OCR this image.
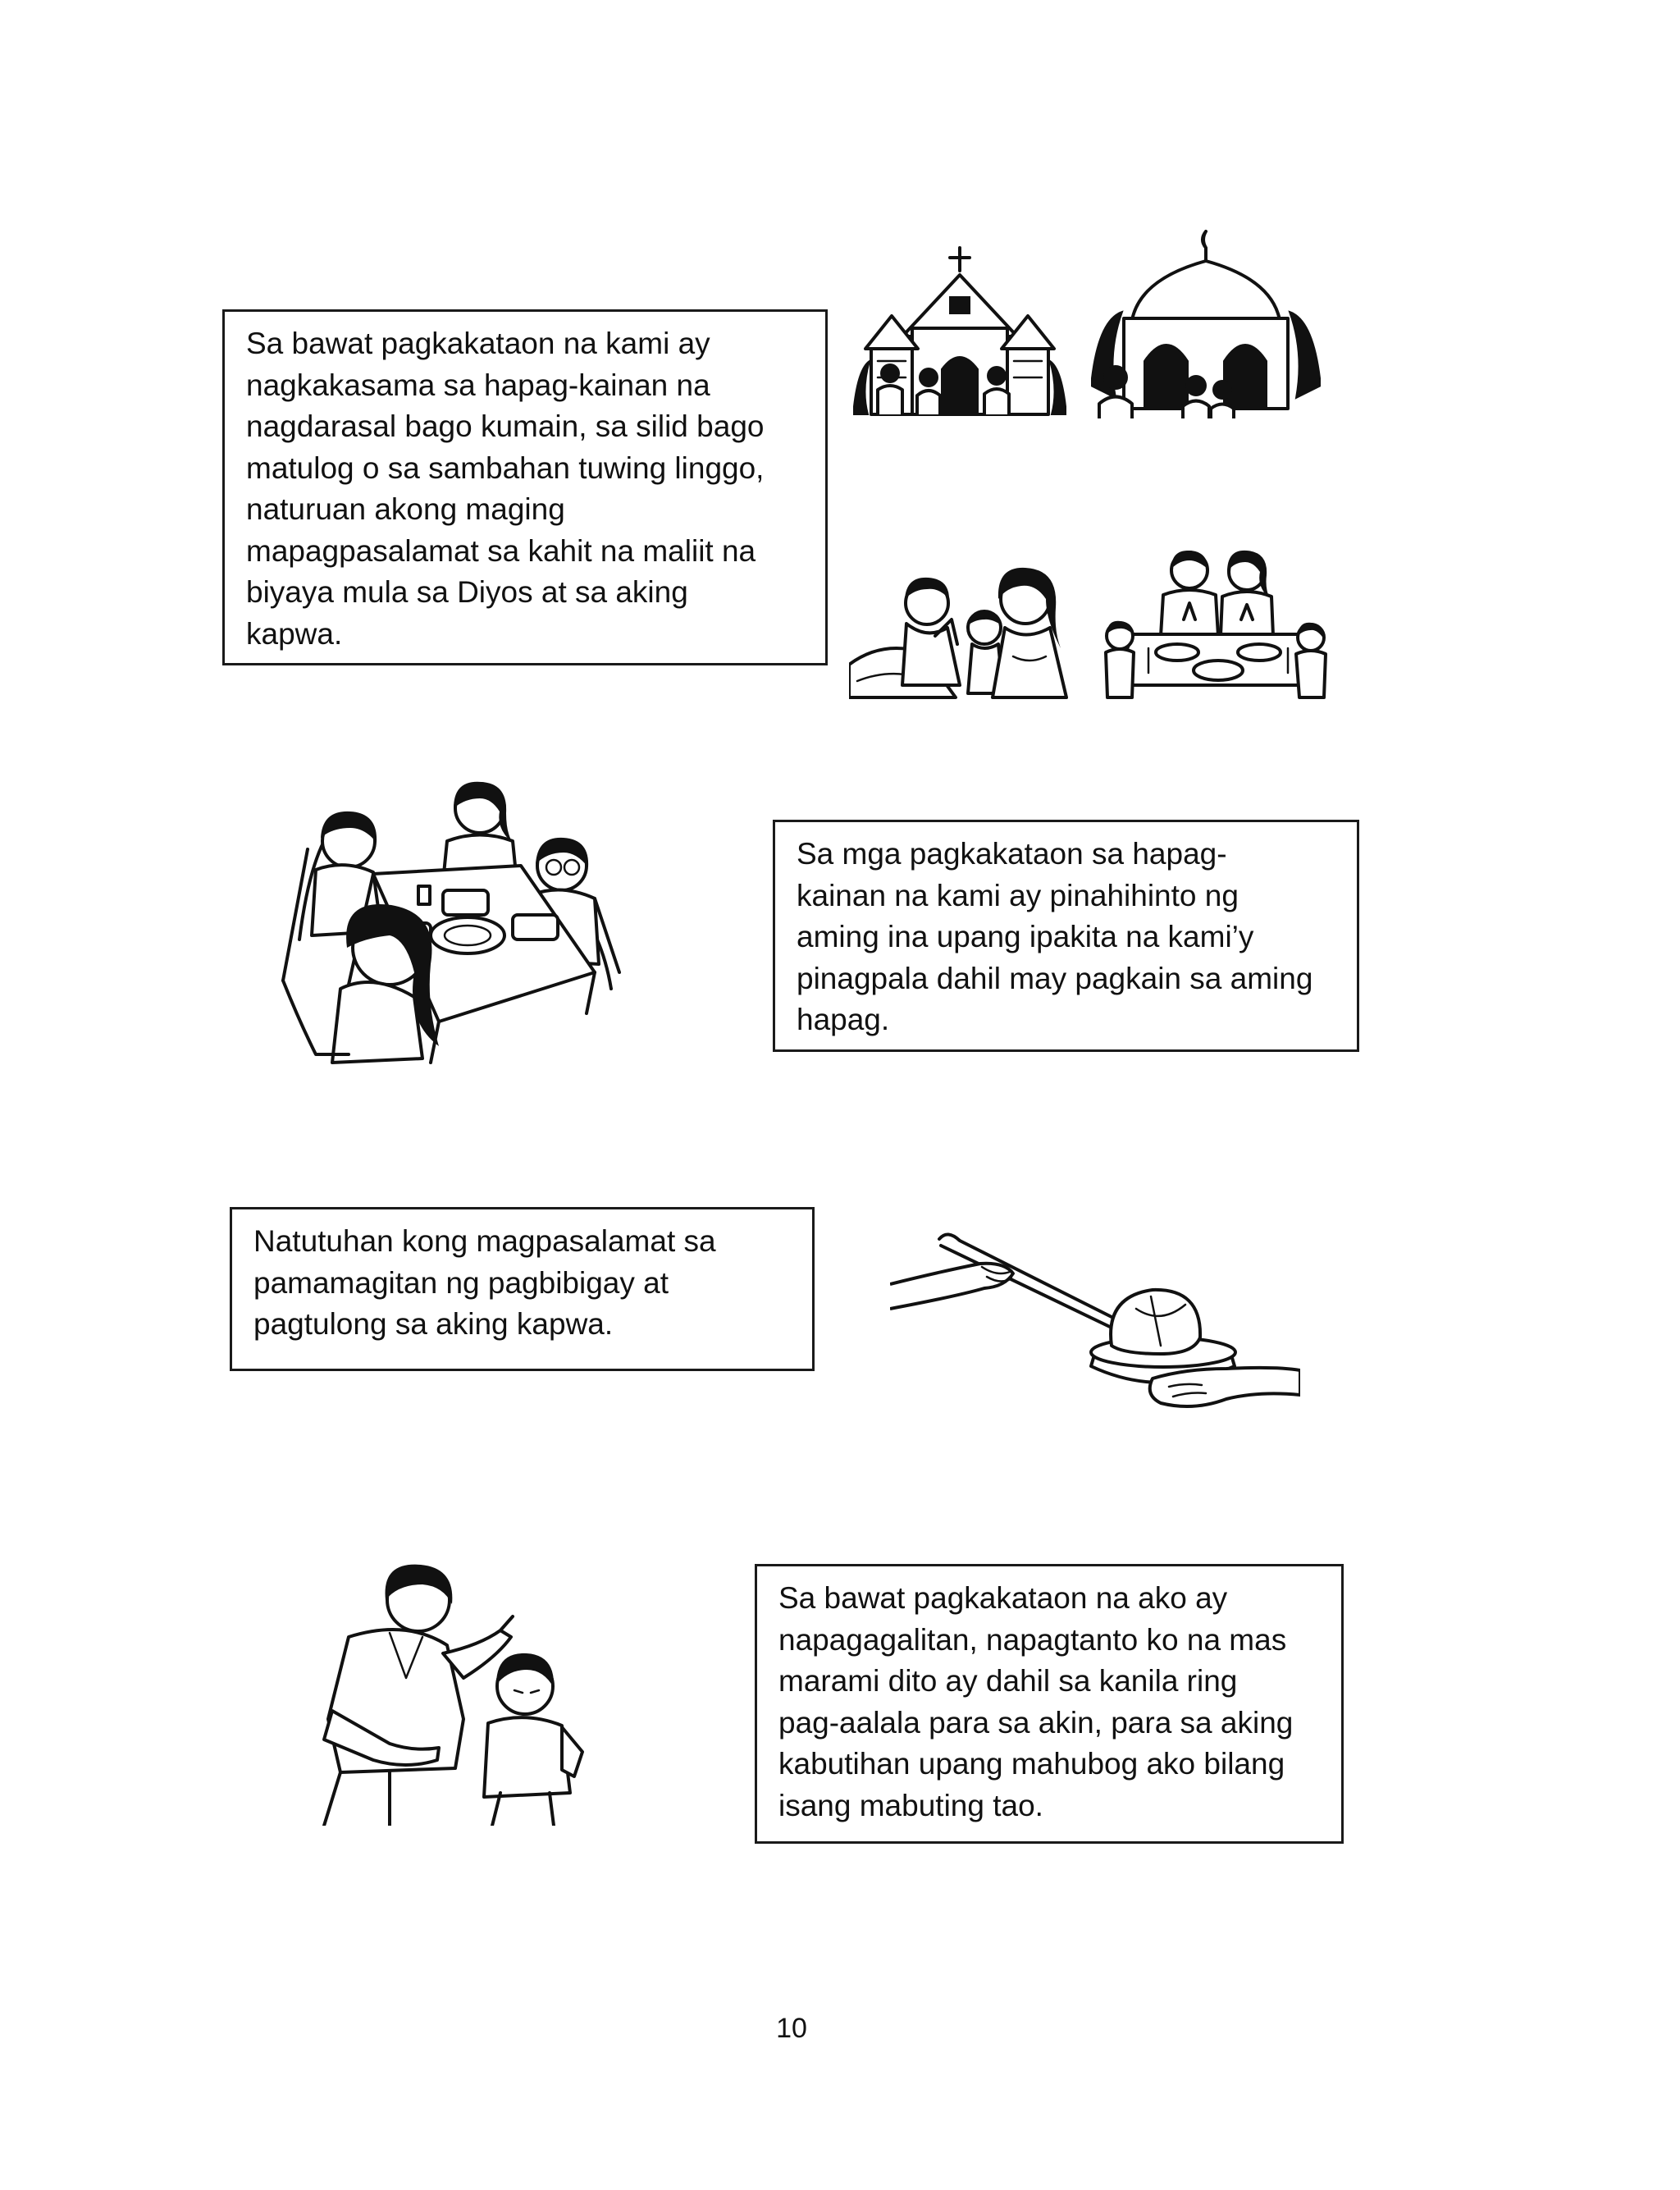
Sa bawat pagkakataon na kami ay
nagkakasama sa hapag-kainan na
nagdarasal bago kumain, sa silid bago
matulog o sa sambahan tuwing linggo,
naturuan akong maging
mapagpasalamat sa kahit na maliit na
biyaya mula sa Diyos at sa aking
kapwa.
Sa mga pagkakataon sa hapag-
kainan na kami ay pinahihinto ng
aming ina upang ipakita na kami’y
pinagpala dahil may pagkain sa aming
hapag.
Natutuhan kong magpasalamat sa
pamamagitan ng pagbibigay at
pagtulong sa aking kapwa.
Sa bawat pagkakataon na ako ay
napagagalitan, napagtanto ko na mas
marami dito ay dahil sa kanila ring
pag-aalala para sa akin, para sa aking
kabutihan upang mahubog ako bilang
isang mabuting tao.
10
